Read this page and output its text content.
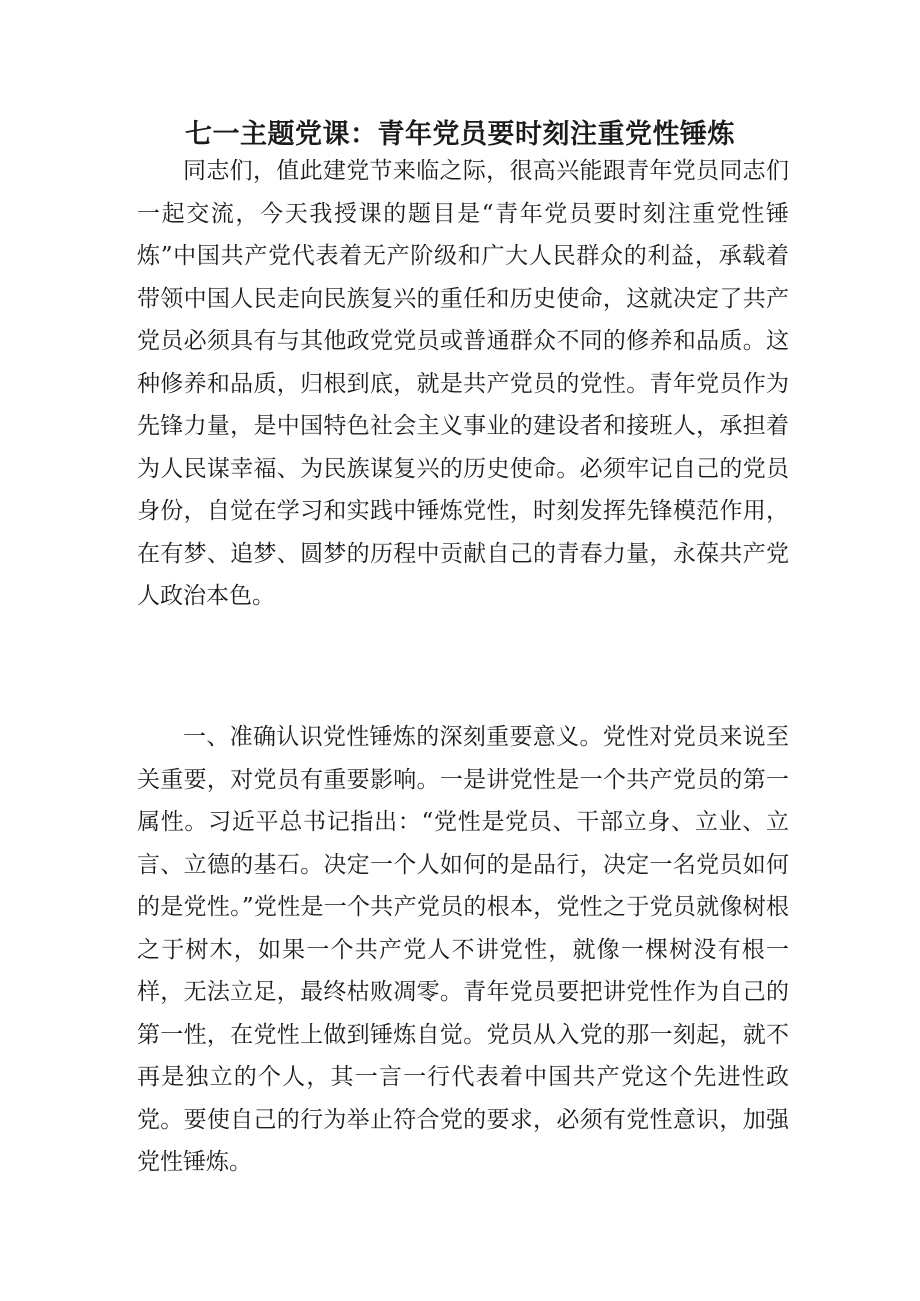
七一主题党课：青年党员要时刻注重党性锤炼

同志们，值此建党节来临之际，很高兴能跟青年党员同志们一起交流，今天我授课的题目是“青年党员要时刻注重党性锤炼”中国共产党代表着无产阶级和广大人民群众的利益，承载着带领中国人民走向民族复兴的重任和历史使命，这就决定了共产党员必须具有与其他政党党员或普通群众不同的修养和品质。这种修养和品质，归根到底，就是共产党员的党性。青年党员作为先锋力量，是中国特色社会主义事业的建设者和接班人，承担着为人民谋幸福、为民族谋复兴的历史使命。必须牢记自己的党员身份，自觉在学习和实践中锤炼党性，时刻发挥先锋模范作用，在有梦、追梦、圆梦的历程中贡献自己的青春力量，永葆共产党人政治本色。

一、准确认识党性锤炼的深刻重要意义。党性对党员来说至关重要，对党员有重要影响。一是讲党性是一个共产党员的第一属性。习近平总书记指出：“党性是党员、干部立身、立业、立言、立德的基石。决定一个人如何的是品行，决定一名党员如何的是党性。”党性是一个共产党员的根本，党性之于党员就像树根之于树木，如果一个共产党人不讲党性，就像一棵树没有根一样，无法立足，最终枯败凋零。青年党员要把讲党性作为自己的第一性，在党性上做到锤炼自觉。党员从入党的那一刻起，就不再是独立的个人，其一言一行代表着中国共产党这个先进性政党。要使自己的行为举止符合党的要求，必须有党性意识，加强党性锤炼。
